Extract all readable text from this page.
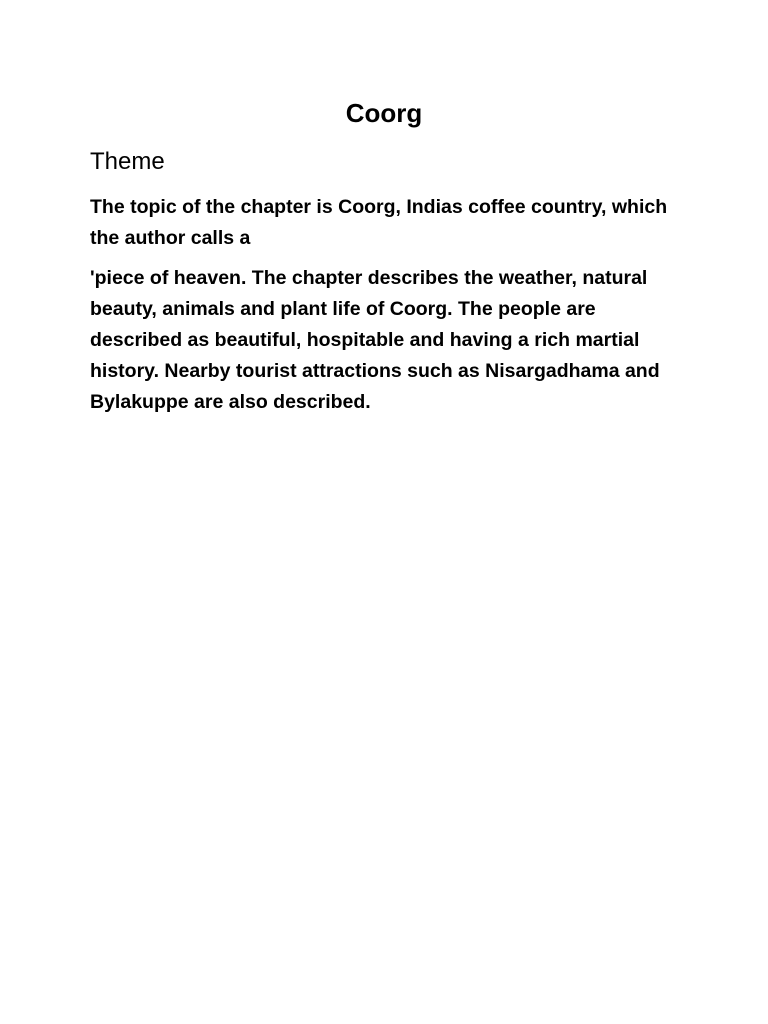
Coorg
Theme

The topic of the chapter is Coorg, Indias coffee country, which the author calls a

'piece of heaven. The chapter describes the weather, natural beauty, animals and plant life of Coorg. The people are described as beautiful, hospitable and having a rich martial history. Nearby tourist attractions such as Nisargadhama and Bylakuppe are also described.
